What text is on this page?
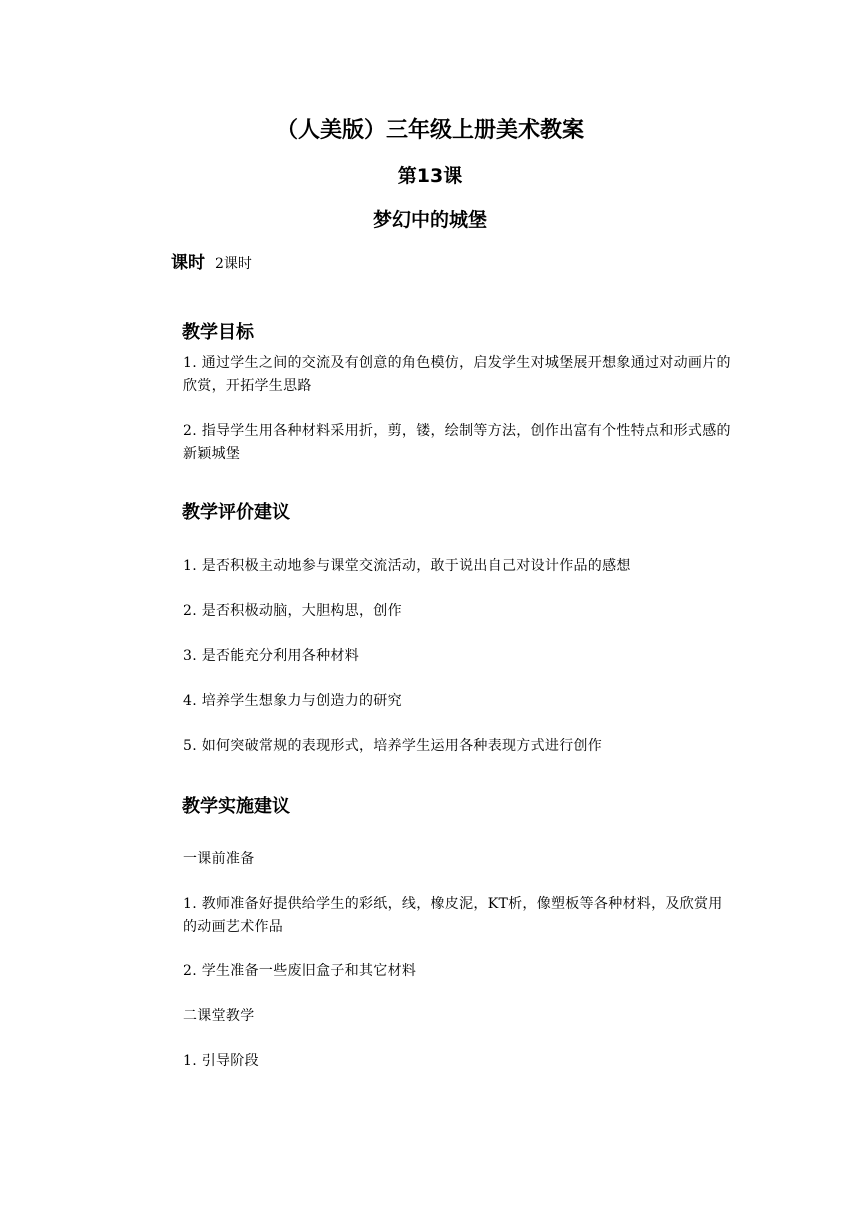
（人美版）三年级上册美术教案
第13课
梦幻中的城堡
课时 2课时
教学目标
1. 通过学生之间的交流及有创意的角色模仿，启发学生对城堡展开想象通过对动画片的欣赏，开拓学生思路
2. 指导学生用各种材料采用折，剪，镂，绘制等方法，创作出富有个性特点和形式感的新颖城堡
教学评价建议
1. 是否积极主动地参与课堂交流活动，敢于说出自己对设计作品的感想
2. 是否积极动脑，大胆构思，创作
3. 是否能充分利用各种材料
4. 培养学生想象力与创造力的研究
5. 如何突破常规的表现形式，培养学生运用各种表现方式进行创作
教学实施建议
一课前准备
1. 教师准备好提供给学生的彩纸，线，橡皮泥，KT析，像塑板等各种材料，及欣赏用的动画艺术作品
2. 学生准备一些废旧盒子和其它材料
二课堂教学
1. 引导阶段
